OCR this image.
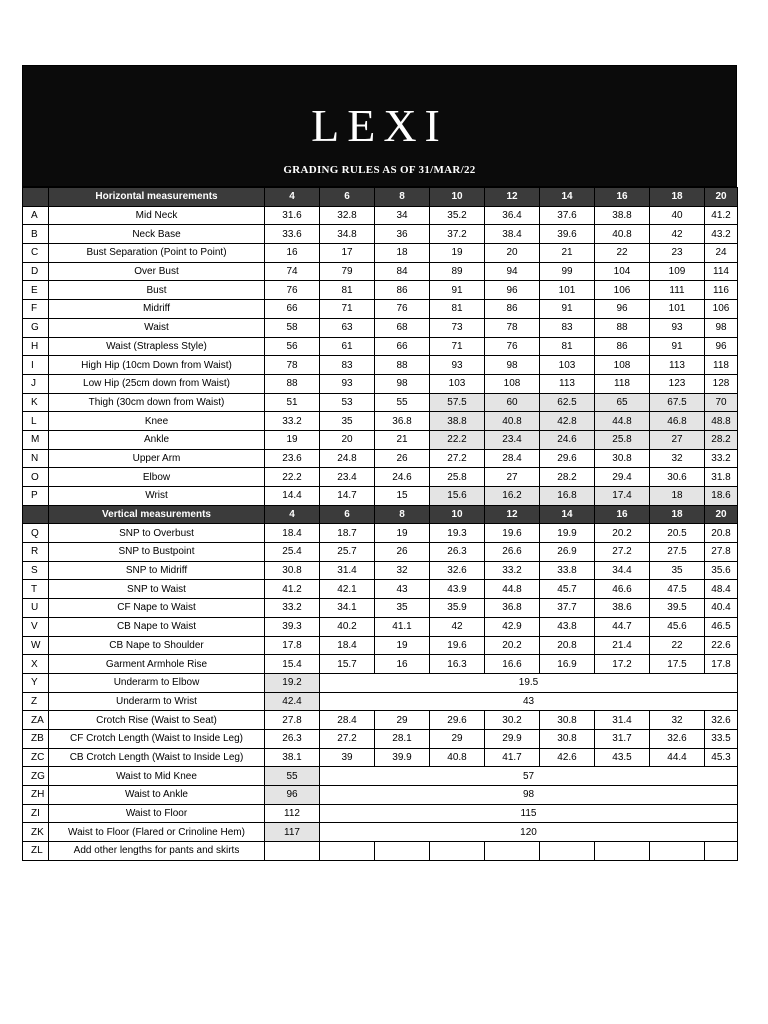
LEXI
GRADING RULES AS OF 31/MAR/22
	Horizontal measurements	4	6	8	10	12	14	16	18	20
A	Mid Neck	31.6	32.8	34	35.2	36.4	37.6	38.8	40	41.2
B	Neck Base	33.6	34.8	36	37.2	38.4	39.6	40.8	42	43.2
C	Bust Separation (Point to Point)	16	17	18	19	20	21	22	23	24
D	Over Bust	74	79	84	89	94	99	104	109	114
E	Bust	76	81	86	91	96	101	106	111	116
F	Midriff	66	71	76	81	86	91	96	101	106
G	Waist	58	63	68	73	78	83	88	93	98
H	Waist (Strapless Style)	56	61	66	71	76	81	86	91	96
I	High Hip (10cm Down from Waist)	78	83	88	93	98	103	108	113	118
J	Low Hip (25cm down from Waist)	88	93	98	103	108	113	118	123	128
K	Thigh (30cm down from Waist)	51	53	55	57.5	60	62.5	65	67.5	70
L	Knee	33.2	35	36.8	38.8	40.8	42.8	44.8	46.8	48.8
M	Ankle	19	20	21	22.2	23.4	24.6	25.8	27	28.2
N	Upper Arm	23.6	24.8	26	27.2	28.4	29.6	30.8	32	33.2
O	Elbow	22.2	23.4	24.6	25.8	27	28.2	29.4	30.6	31.8
P	Wrist	14.4	14.7	15	15.6	16.2	16.8	17.4	18	18.6
	Vertical measurements	4	6	8	10	12	14	16	18	20
Q	SNP to Overbust	18.4	18.7	19	19.3	19.6	19.9	20.2	20.5	20.8
R	SNP to Bustpoint	25.4	25.7	26	26.3	26.6	26.9	27.2	27.5	27.8
S	SNP to Midriff	30.8	31.4	32	32.6	33.2	33.8	34.4	35	35.6
T	SNP to Waist	41.2	42.1	43	43.9	44.8	45.7	46.6	47.5	48.4
U	CF Nape to Waist	33.2	34.1	35	35.9	36.8	37.7	38.6	39.5	40.4
V	CB Nape to Waist	39.3	40.2	41.1	42	42.9	43.8	44.7	45.6	46.5
W	CB Nape to Shoulder	17.8	18.4	19	19.6	20.2	20.8	21.4	22	22.6
X	Garment Armhole Rise	15.4	15.7	16	16.3	16.6	16.9	17.2	17.5	17.8
Y	Underarm to Elbow	19.2	19.5							
Z	Underarm to Wrist	42.4	43							
ZA	Crotch Rise (Waist to Seat)	27.8	28.4	29	29.6	30.2	30.8	31.4	32	32.6
ZB	CF Crotch Length (Waist to Inside Leg)	26.3	27.2	28.1	29	29.9	30.8	31.7	32.6	33.5
ZC	CB Crotch Length (Waist to Inside Leg)	38.1	39	39.9	40.8	41.7	42.6	43.5	44.4	45.3
ZG	Waist to Mid Knee	55	57							
ZH	Waist to Ankle	96	98							
ZI	Waist to Floor	112	115							
ZK	Waist to Floor (Flared or Crinoline Hem)	117	120							
ZL	Add other lengths for pants and skirts									
